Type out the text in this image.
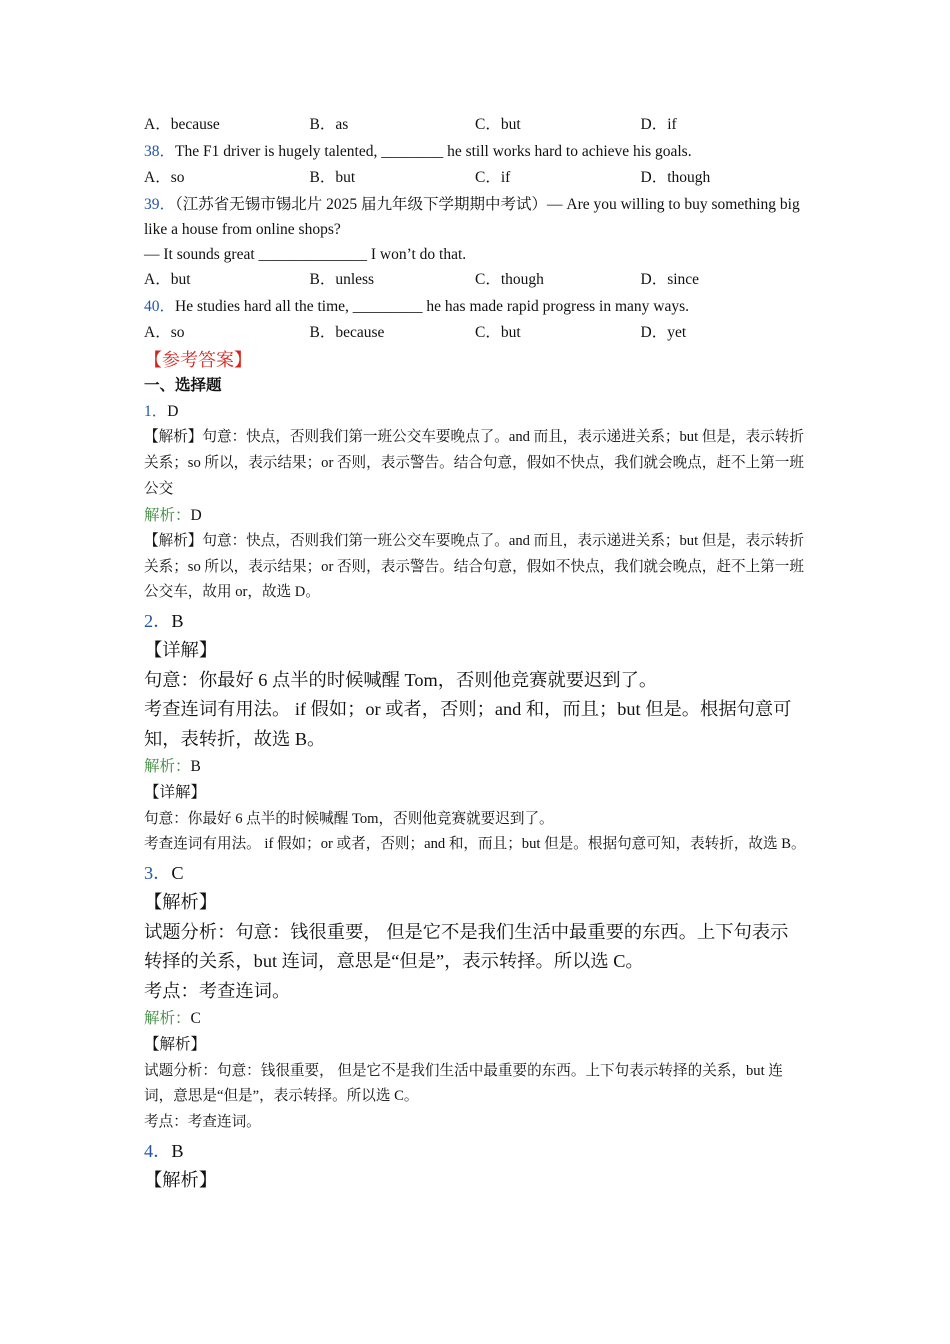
A．because	B．as	C．but	D．if
38．The F1 driver is hugely talented, ________ he still works hard to achieve his goals.
A．so	B．but	C．if	D．though
39．（江苏省无锡市锡北片 2025 届九年级下学期期中考试）— Are you willing to buy something big like a house from online shops?
— It sounds great ______________ I won’t do that.
A．but	B．unless	C．though	D．since
40．He studies hard all the time, _________ he has made rapid progress in many ways.
A．so	B．because	C．but	D．yet
【参考答案】
一、选择题
1．D
【解析】句意：快点，否则我们第一班公交车要晚点了。and 而且，表示递进关系；but 但是，表示转折关系；so 所以，表示结果；or 否则，表示警告。结合句意，假如不快点，我们就会晚点，赶不上第一班公交
解析：D
【解析】句意：快点，否则我们第一班公交车要晚点了。and 而且，表示递进关系；but 但是，表示转折关系；so 所以，表示结果；or 否则，表示警告。结合句意，假如不快点，我们就会晚点，赶不上第一班公交车，故用 or，故选 D。
2．B
【详解】
句意：你最好 6 点半的时候喊醒 Tom，否则他竞赛就要迟到了。
考查连词有用法。 if 假如；or 或者，否则；and 和，而且；but 但是。根据句意可知，表转折，故选 B。
解析：B
【详解】
句意：你最好 6 点半的时候喊醒 Tom，否则他竞赛就要迟到了。
考查连词有用法。 if 假如；or 或者，否则；and 和，而且；but 但是。根据句意可知，表转折，故选 B。
3．C
【解析】
试题分析：句意：钱很重要， 但是它不是我们生活中最重要的东西。上下句表示转择的关系，but 连词，意思是“但是”，表示转择。所以选 C。
考点：考查连词。
解析：C
【解析】
试题分析：句意：钱很重要， 但是它不是我们生活中最重要的东西。上下句表示转择的关系，but 连词，意思是“但是”，表示转择。所以选 C。
考点：考查连词。
4．B
【解析】
